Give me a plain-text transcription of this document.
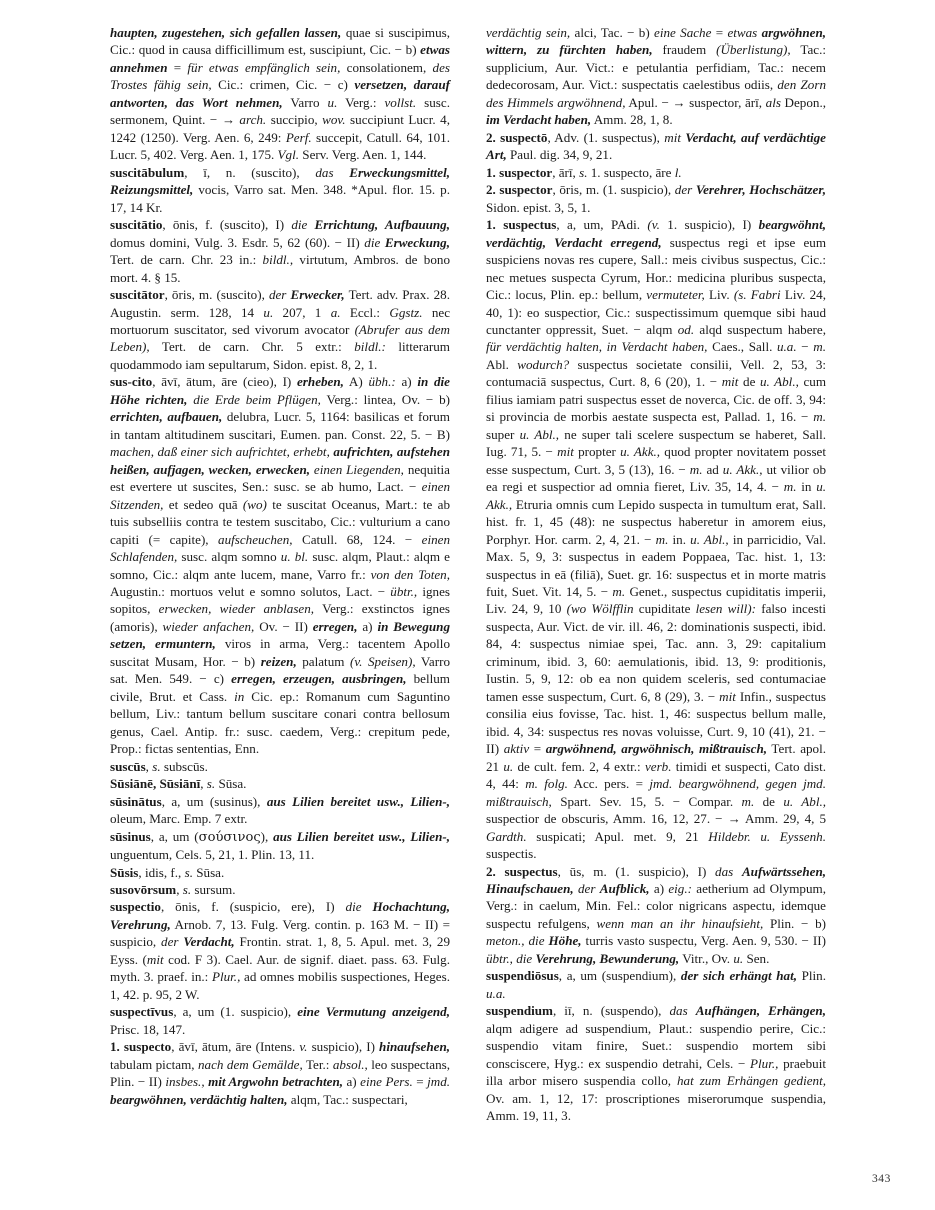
haupten, zugestehen, sich gefallen lassen, quae si suscipimus, Cic.: quod in causa difficillimum est, suscipiunt, Cic. − b) etwas annehmen = für etwas empfänglich sein, consolationem, des Trostes fähig sein, Cic.: crimen, Cic. − c) versetzen, darauf antworten, das Wort nehmen, Varro u. Verg.: vollst. susc. sermonem, Quint. − → arch. succipio, wov. succipiunt Lucr. 4, 1242 (1250). Verg. Aen. 6, 249: Perf. succepit, Catull. 64, 101. Lucr. 5, 402. Verg. Aen. 1, 175. Vgl. Serv. Verg. Aen. 1, 144.

suscitābulum, ī, n. (suscito), das Erweckungsmittel, Reizungsmittel, vocis, Varro sat. Men. 348. *Apul. flor. 15. p. 17, 14 Kr.

suscitātio, ōnis, f. (suscito), I) die Errichtung, Aufbauung, domus domini, Vulg. 3. Esdr. 5, 62 (60). − II) die Erweckung, Tert. de carn. Chr. 23 in.: bildl., virtutum, Ambros. de bono mort. 4. § 15.

suscitātor, ōris, m. (suscito), der Erwecker, Tert. adv. Prax. 28. Augustin. serm. 128, 14 u. 207, 1 a. Eccl.: Ggstz. nec mortuorum suscitator, sed vivorum avocator (Abrufer aus dem Leben), Tert. de carn. Chr. 5 extr.: bildl.: litterarum quodammodo iam sepultarum, Sidon. epist. 8, 2, 1.

sus-cito, āvī, ātum, āre (cieo), I) erheben, A) übh.: a) in die Höhe richten, die Erde beim Pflügen, Verg.: lintea, Ov. − b) errichten, aufbauen, delubra, Lucr. 5, 1164: basilicas et forum in tantam altitudinem suscitari, Eumen. pan. Const. 22, 5. − B) machen, daß einer sich aufrichtet, erhebt, aufrichten, aufstehen heißen, aufjagen, wecken, erwecken, einen Liegenden, nequitia est evertere ut suscites, Sen.: susc. se ab humo, Lact. − einen Sitzenden, et sedeo quā (wo) te suscitat Oceanus, Mart.: te ab tuis subselliis contra te testem suscitabo, Cic.: vulturium a cano capiti (= capite), aufscheuchen, Catull. 68, 124. − einen Schlafenden, susc. alqm somno u. bl. susc. alqm, Plaut.: alqm e somno, Cic.: alqm ante lucem, mane, Varro fr.: von den Toten, Augustin.: mortuos velut e somno solutos, Lact. − übtr., ignes sopitos, erwecken, wieder anblasen, Verg.: exstinctos ignes (amoris), wieder anfachen, Ov. − II) erregen, a) in Bewegung setzen, ermuntern, viros in arma, Verg.: tacentem Apollo suscitat Musam, Hor. − b) reizen, palatum (v. Speisen), Varro sat. Men. 549. − c) erregen, erzeugen, ausbringen, bellum civile, Brut. et Cass. in Cic. ep.: Romanum cum Saguntino bellum, Liv.: tantum bellum suscitare conari contra bellosum genus, Cael. Antip. fr.: susc. caedem, Verg.: crepitum pede, Prop.: fictas sententias, Enn.

suscūs, s. subscūs.

Sūsiānē, Sūsiānī, s. Sūsa.

sūsinātus, a, um (susinus), aus Lilien bereitet usw., Lilien-, oleum, Marc. Emp. 7 extr.

sūsinus, a, um (σούσινος), aus Lilien bereitet usw., Lilien-, unguentum, Cels. 5, 21, 1. Plin. 13, 11.

Sūsis, idis, f., s. Sūsa.

susovōrsum, s. sursum.

suspectio, ōnis, f. (suspicio, ere), I) die Hochachtung, Verehrung, Arnob. 7, 13. Fulg. Verg. contin. p. 163 M. − II) = suspicio, der Verdacht, Frontin. strat. 1, 8, 5. Apul. met. 3, 29 Eyss. (mit cod. F 3). Cael. Aur. de signif. diaet. pass. 63. Fulg. myth. 3. praef. in.: Plur., ad omnes mobilis suspectiones, Heges. 1, 42. p. 95, 2 W.

suspectīvus, a, um (1. suspicio), eine Vermutung anzeigend, Prisc. 18, 147.

1. suspecto, āvī, ātum, āre (Intens. v. suspicio), I) hinaufsehen, tabulam pictam, nach dem Gemälde, Ter.: absol., leo suspectans, Plin. − II) insbes., mit Argwohn betrachten, a) eine Pers. = jmd. beargwöhnen, verdächtig halten, alqm, Tac.: suspectari,

verdächtig sein, alci, Tac. − b) eine Sache = etwas argwöhnen, wittern, zu fürchten haben, fraudem (Überlistung), Tac.: supplicium, Aur. Vict.: e petulantia perfidiam, Tac.: necem dedecorosam, Aur. Vict.: suspectatis caelestibus odiis, den Zorn des Himmels argwöhnend, Apul. − → suspector, ārī, als Depon., im Verdacht haben, Amm. 28, 1, 8.

2. suspectō, Adv. (1. suspectus), mit Verdacht, auf verdächtige Art, Paul. dig. 34, 9, 21.

1. suspector, ārī, s. 1. suspecto, āre l.

2. suspector, ōris, m. (1. suspicio), der Verehrer, Hochschätzer, Sidon. epist. 3, 5, 1.

1. suspectus, a, um, PAdi. (v. 1. suspicio), I) beargwöhnt, verdächtig, Verdacht erregend, suspectus regi et ipse eum suspiciens novas res cupere, Sall.: meis civibus suspectus, Cic.: nec metues suspecta Cyrum, Hor.: medicina pluribus suspecta, Cic.: locus, Plin. ep.: bellum, vermuteter, Liv. (s. Fabri Liv. 24, 40, 1): eo suspectior, Cic.: suspectissimum quemque sibi haud cunctanter oppressit, Suet. − alqm od. alqd suspectum habere, für verdächtig halten, in Verdacht haben, Caes., Sall. u.a. − m. Abl. wodurch? suspectus societate consilii, Vell. 2, 53, 3: contumaciā suspectus, Curt. 8, 6 (20), 1. − mit de u. Abl., cum filius iamiam patri suspectus esset de noverca, Cic. de off. 3, 94: si provincia de morbis aestate suspecta est, Pallad. 1, 16. − m. super u. Abl., ne super tali scelere suspectum se haberet, Sall. Iug. 71, 5. − mit propter u. Akk., quod propter novitatem posset esse suspectum, Curt. 3, 5 (13), 16. − m. ad u. Akk., ut vilior ob ea regi et suspectior ad omnia fieret, Liv. 35, 14, 4. − m. in u. Akk., Etruria omnis cum Lepido suspecta in tumultum erat, Sall. hist. fr. 1, 45 (48): ne suspectus haberetur in amorem eius, Porphyr. Hor. carm. 2, 4, 21. − m. in. u. Abl., in parricidio, Val. Max. 5, 9, 3: suspectus in eadem Poppaea, Tac. hist. 1, 13: suspectus in eā (filiā), Suet. gr. 16: suspectus et in morte matris fuit, Suet. Vit. 14, 5. − m. Genet., suspectus cupiditatis imperii, Liv. 24, 9, 10 (wo Wölfflin cupiditate lesen will): falso incesti suspecta, Aur. Vict. de vir. ill. 46, 2: dominationis suspecti, ibid. 84, 4: suspectus nimiae spei, Tac. ann. 3, 29: capitalium criminum, ibid. 3, 60: aemulationis, ibid. 13, 9: proditionis, Iustin. 5, 9, 12: ob ea non quidem sceleris, sed contumaciae tamen esse suspectum, Curt. 6, 8 (29), 3. − mit Infin., suspectus consilia eius fovisse, Tac. hist. 1, 46: suspectus bellum malle, ibid. 4, 34: suspectus res novas voluisse, Curt. 9, 10 (41), 21. − II) aktiv = argwöhnend, argwöhnisch, mißtrauisch, Tert. apol. 21 u. de cult. fem. 2, 4 extr.: verb. timidi et suspecti, Cato dist. 4, 44: m. folg. Acc. pers. = jmd. beargwöhnend, gegen jmd. mißtrauisch, Spart. Sev. 15, 5. − Compar. m. de u. Abl., suspectior de obscuris, Amm. 16, 12, 27. − → Amm. 29, 4, 5 Gardth. suspicati; Apul. met. 9, 21 Hildebr. u. Eyssenh. suspectis.

2. suspectus, ūs, m. (1. suspicio), I) das Aufwärtssehen, Hinaufschauen, der Aufblick, a) eig.: aetherium ad Olympum, Verg.: in caelum, Min. Fel.: color nigricans aspectu, idemque suspectu refulgens, wenn man an ihr hinaufsieht, Plin. − b) meton., die Höhe, turris vasto suspectu, Verg. Aen. 9, 530. − II) übtr., die Verehrung, Bewunderung, Vitr., Ov. u. Sen.

suspendiōsus, a, um (suspendium), der sich erhängt hat, Plin. u.a.

suspendium, iī, n. (suspendo), das Aufhängen, Erhängen, alqm adigere ad suspendium, Plaut.: suspendio perire, Cic.: suspendio vitam finire, Suet.: suspendio mortem sibi consciscere, Hyg.: ex suspendio detrahi, Cels. − Plur., praebuit illa arbor misero suspendia collo, hat zum Erhängen gedient, Ov. am. 1, 12, 17: proscriptiones miserorumque suspendia, Amm. 19, 11, 3.

343
